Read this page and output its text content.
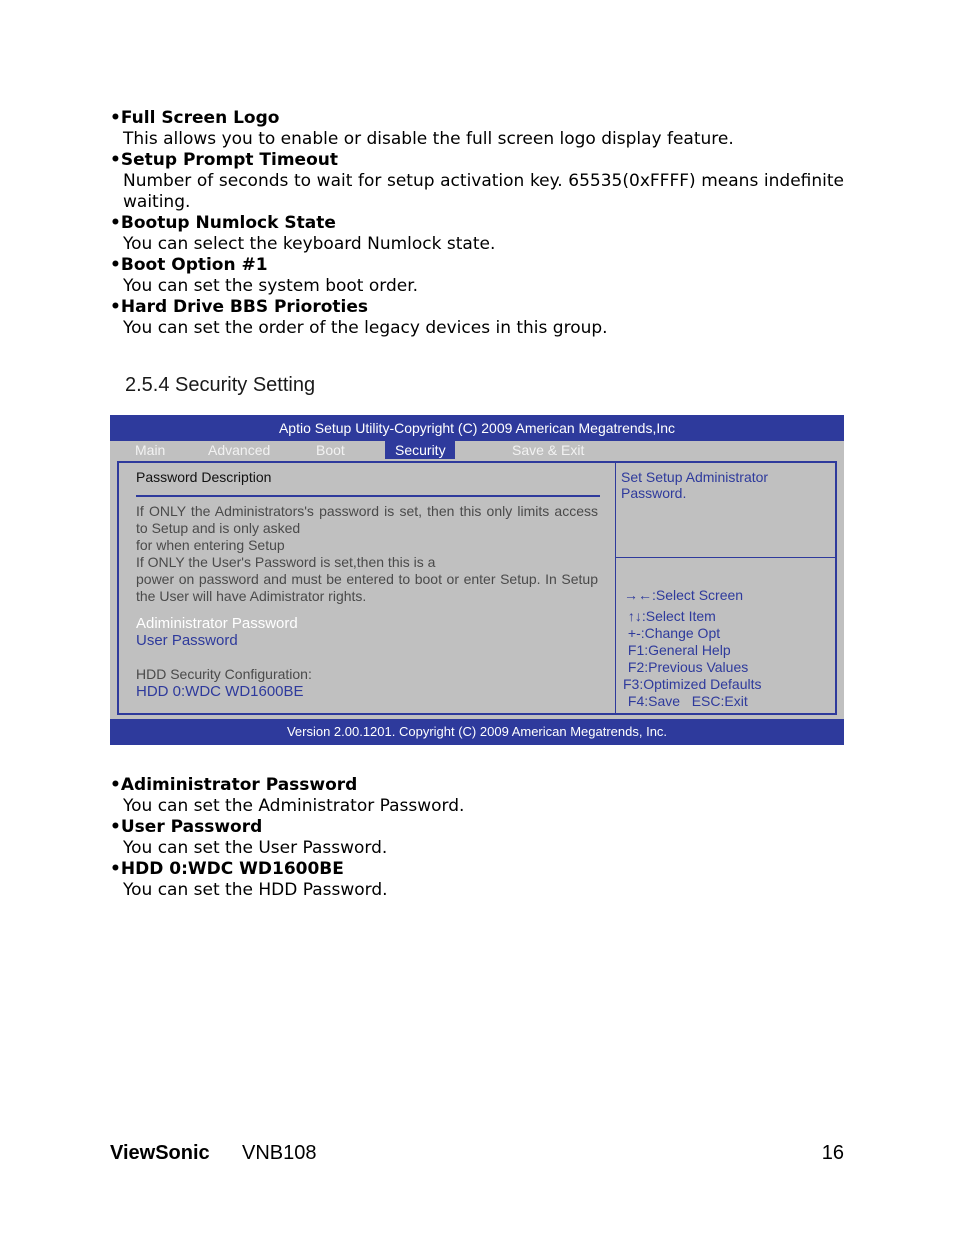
• Full Screen Logo
This allows you to enable or disable the full screen logo display feature.
• Setup Prompt Timeout
Number of seconds to wait for setup activation key. 65535(0xFFFF) means indefinite waiting.
• Bootup Numlock State
You can select the keyboard Numlock state.
• Boot Option #1
You can set the system boot order.
• Hard Drive BBS Prioroties
You can set the order of the legacy devices in this group.
2.5.4 Security Setting
Aptio Setup Utility-Copyright (C) 2009 American Megatrends,Inc
Main	Advanced	Boot	Security	Save & Exit
Password Description

If ONLY the Administrators's password is set, then this only limits access to Setup and is only asked

for when entering Setup

If ONLY the User's Password is set,then this is a

power on password and must be entered to boot or enter Setup. In Setup the User will have Adimistrator rights.

Adiministrator Password
User Password
HDD Security Configuration:
HDD 0:WDC WD1600BE
Set Setup Administrator Password.
→←:Select Screen
↑↓:Select Item
+-:Change Opt
F1:General Help
F2:Previous Values
F3:Optimized Defaults
F4:Save   ESC:Exit
Version 2.00.1201. Copyright (C) 2009 American Megatrends, Inc.
• Adiministrator Password
You can set the Administrator Password.
• User Password
You can set the User Password.
• HDD 0:WDC WD1600BE
You can set the HDD Password.
ViewSonic VNB108	16
